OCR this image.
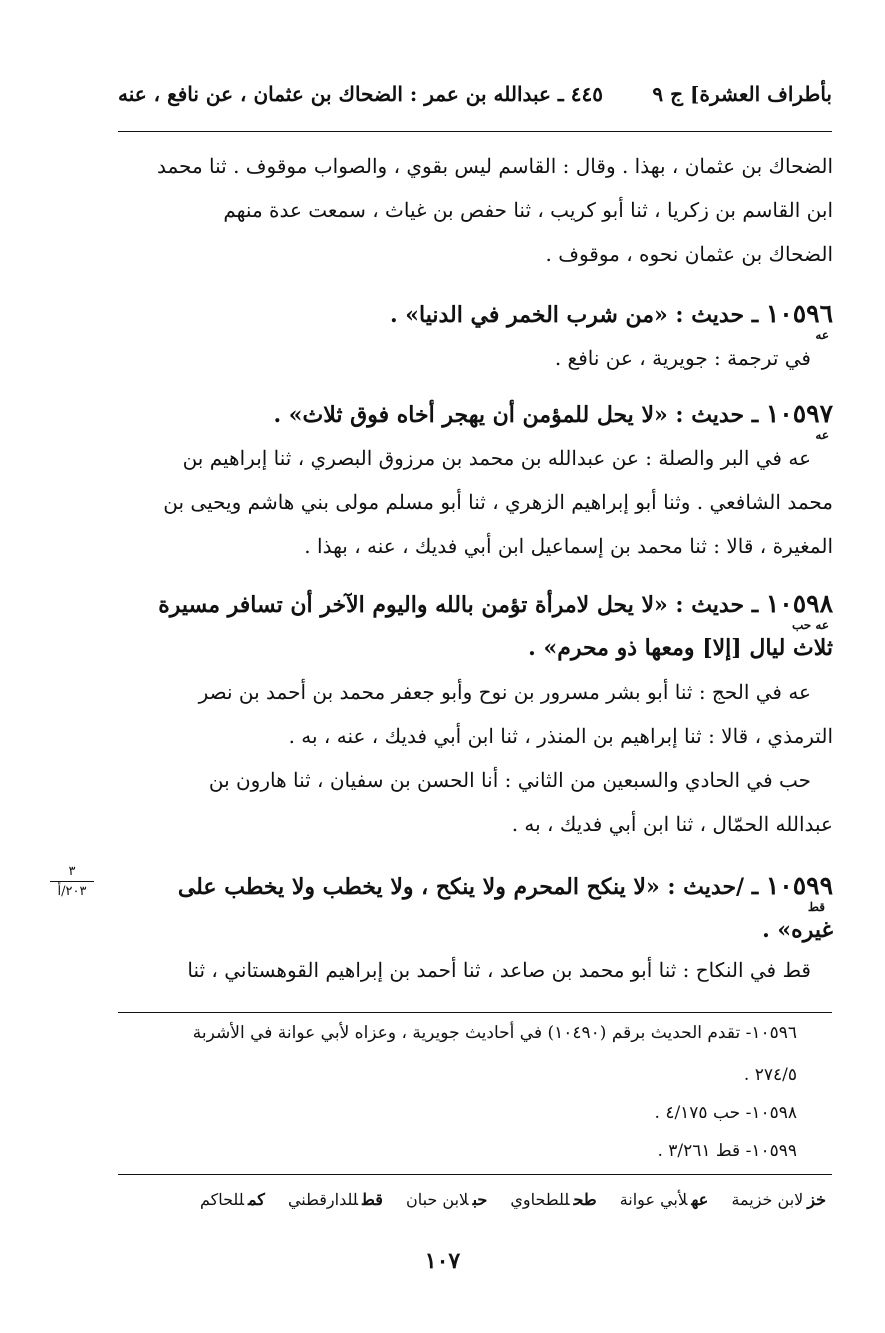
بأطراف العشرة] ج ٩
٤٤٥ ـ عبدالله بن عمر : الضحاك بن عثمان ، عن نافع ، عنه
الضحاك بن عثمان ، بهذا . وقال : القاسم ليس بقوي ، والصواب موقوف . ثنا محمد
ابن القاسم بن زكريا ، ثنا أبو كريب ، ثنا حفص بن غياث ، سمعت عدة منهم
الضحاك بن عثمان نحوه ، موقوف .
١٠٥٩٦ ـ حديث : «من شرب الخمر في الدنيا» .
في ترجمة : جويرية ، عن نافع .
عه
١٠٥٩٧ ـ حديث : «لا يحل للمؤمن أن يهجر أخاه فوق ثلاث» .
عه في البر والصلة : عن عبدالله بن محمد بن مرزوق البصري ، ثنا إبراهيم بن
محمد الشافعي . وثنا أبو إبراهيم الزهري ، ثنا أبو مسلم مولى بني هاشم ويحيى بن
المغيرة ، قالا : ثنا محمد بن إسماعيل ابن أبي فديك ، عنه ، بهذا .
عه
١٠٥٩٨ ـ حديث : «لا يحل لامرأة تؤمن بالله واليوم الآخر أن تسافر مسيرة
ثلاث ليال [إلا] ومعها ذو محرم» .
عه في الحج : ثنا أبو بشر مسرور بن نوح وأبو جعفر محمد بن أحمد بن نصر
الترمذي ، قالا : ثنا إبراهيم بن المنذر ، ثنا ابن أبي فديك ، عنه ، به .
حب في الحادي والسبعين من الثاني : أنا الحسن بن سفيان ، ثنا هارون بن
عبدالله الحمّال ، ثنا ابن أبي فديك ، به .
عه حب
١٠٥٩٩ ـ /حديث : «لا ينكح المحرم ولا ينكح ، ولا يخطب ولا يخطب على
غيره» .
قط في النكاح : ثنا أبو محمد بن صاعد ، ثنا أحمد بن إبراهيم القوهستاني ، ثنا
قط
٣
٢٠٣/أ
١٠٥٩٦- تقدم الحديث برقم (١٠٤٩٠) في أحاديث جويرية ، وعزاه لأبي عوانة في الأشربة
٢٧٤/٥ .
١٠٥٩٨- حب ٤/١٧٥ .
١٠٥٩٩- قط ٣/٢٦١ .
خزلابن خزيمة عهلأبي عوانة طحللطحاوي حبلابن حبان قطللدارقطني كمللحاكم
١٠٧
